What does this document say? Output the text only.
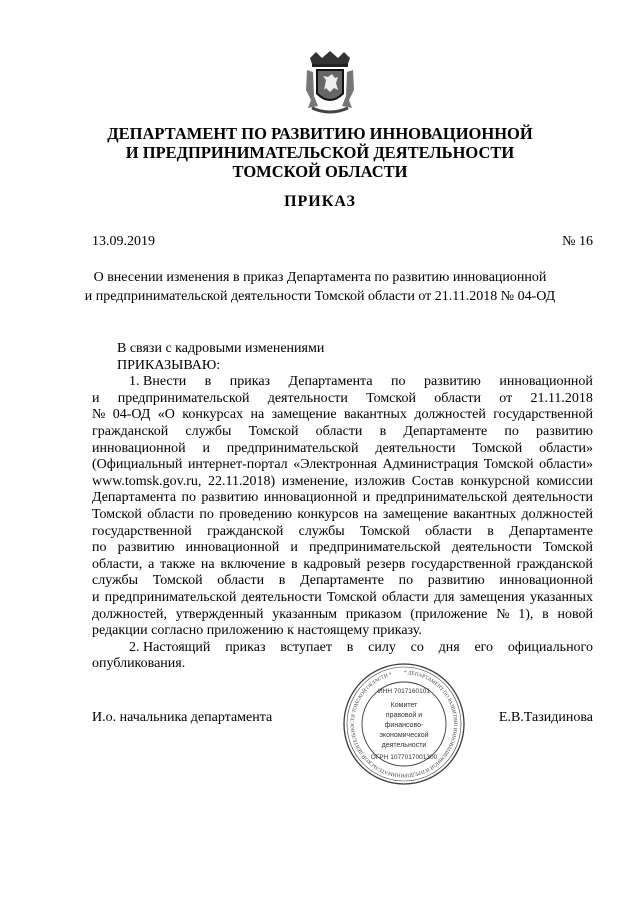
ДЕПАРТАМЕНТ ПО РАЗВИТИЮ ИННОВАЦИОННОЙ
И ПРЕДПРИНИМАТЕЛЬСКОЙ ДЕЯТЕЛЬНОСТИ
ТОМСКОЙ ОБЛАСТИ
ПРИКАЗ
13.09.2019	№ 16
О внесении изменения в приказ Департамента по развитию инновационной
и предпринимательской деятельности Томской области от 21.11.2018 № 04-ОД
В связи с кадровыми изменениями
ПРИКАЗЫВАЮ:
1. Внести в приказ Департамента по развитию инновационной
и предпринимательской деятельности Томской области от 21.11.2018
№ 04-ОД «О конкурсах на замещение вакантных должностей государственной
гражданской службы Томской области в Департаменте по развитию
инновационной и предпринимательской деятельности Томской области»
(Официальный интернет-портал «Электронная Администрация Томской области»
www.tomsk.gov.ru, 22.11.2018) изменение, изложив Состав конкурсной комиссии
Департамента по развитию инновационной и предпринимательской деятельности
Томской области по проведению конкурсов на замещение вакантных должностей
государственной гражданской службы Томской области в Департаменте
по развитию инновационной и предпринимательской деятельности Томской
области, а также на включение в кадровый резерв государственной гражданской
службы Томской области в Департаменте по развитию инновационной
и предпринимательской деятельности Томской области для замещения указанных
должностей, утвержденный указанным приказом (приложение № 1), в новой
редакции согласно приложению к настоящему приказу.
2. Настоящий приказ вступает в силу со дня его официального
опубликования.
* ДЕПАРТАМЕНТ ПО РАЗВИТИЮ ИННОВАЦИОННОЙ И ПРЕДПРИНИМАТЕЛЬСКОЙ ДЕЯТЕЛЬНОСТИ ТОМСКОЙ ОБЛАСТИ *
ИНН 7017160101
Комитет
правовой и
финансово-
экономической
деятельности
ОГРН 1077017001300
И.о. начальника департамента	Е.В.Тазидинова
